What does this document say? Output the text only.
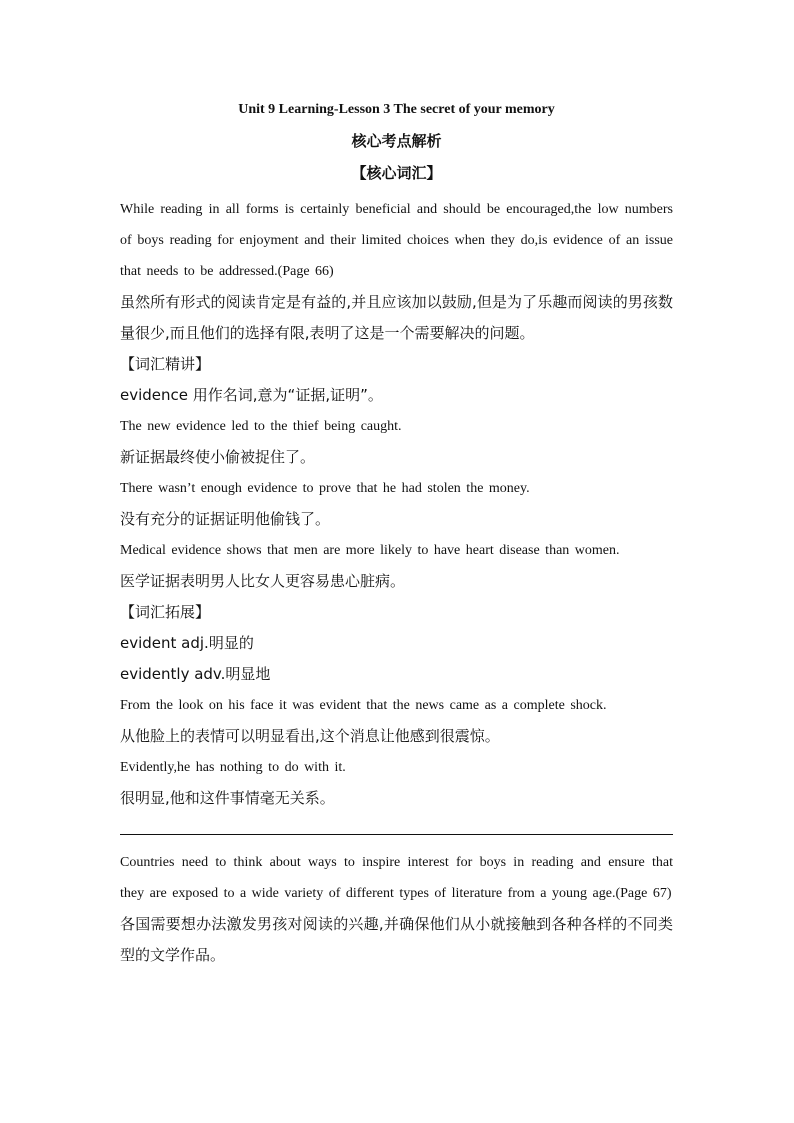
Unit 9 Learning-Lesson 3 The secret of your memory
核心考点解析
【核心词汇】
While reading in all forms is certainly beneficial and should be encouraged,the low numbers of boys reading for enjoyment and their limited choices when they do,is evidence of an issue that needs to be addressed.(Page 66)
虽然所有形式的阅读肯定是有益的,并且应该加以鼓励,但是为了乐趣而阅读的男孩数量很少,而且他们的选择有限,表明了这是一个需要解决的问题。
【词汇精讲】
evidence 用作名词,意为“证据,证明”。
The new evidence led to the thief being caught.
新证据最终使小偷被捉住了。
There wasn’t enough evidence to prove that he had stolen the money.
没有充分的证据证明他偷钱了。
Medical evidence shows that men are more likely to have heart disease than women.
医学证据表明男人比女人更容易患心脏病。
【词汇拓展】
evident adj.明显的
evidently adv.明显地
From the look on his face it was evident that the news came as a complete shock.
从他脸上的表情可以明显看出,这个消息让他感到很震惊。
Evidently,he has nothing to do with it.
很明显,他和这件事情毫无关系。
Countries need to think about ways to inspire interest for boys in reading and ensure that they are exposed to a wide variety of different types of literature from a young age.(Page 67)
各国需要想办法激发男孩对阅读的兴趣,并确保他们从小就接触到各种各样的不同类型的文学作品。
